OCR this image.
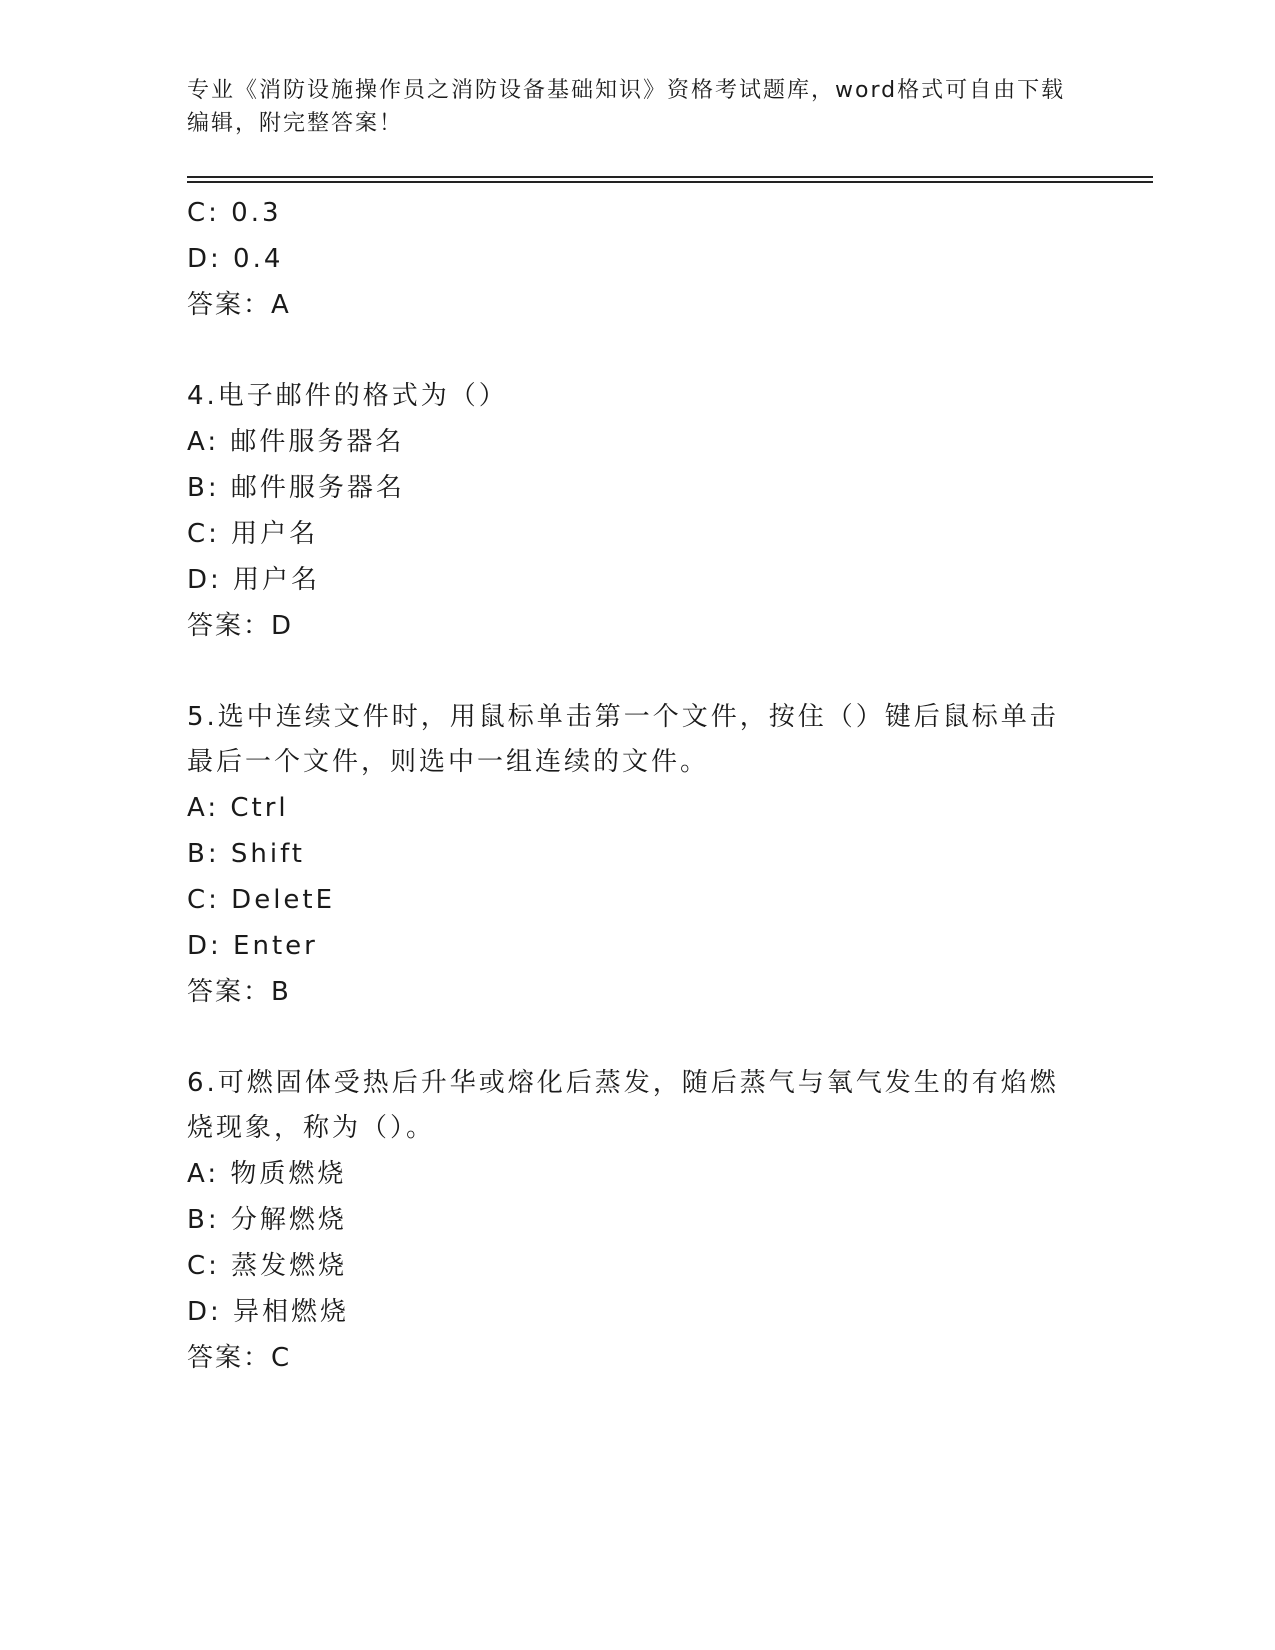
专业《消防设施操作员之消防设备基础知识》资格考试题库，word格式可自由下载编辑，附完整答案！
C: 0.3
D: 0.4
答案：A
4.电子邮件的格式为（）
A: 邮件服务器名
B: 邮件服务器名
C: 用户名
D: 用户名
答案：D
5.选中连续文件时，用鼠标单击第一个文件，按住（）键后鼠标单击最后一个文件，则选中一组连续的文件。
A: Ctrl
B: Shift
C: DeletE
D: Enter
答案：B
6.可燃固体受热后升华或熔化后蒸发，随后蒸气与氧气发生的有焰燃烧现象，称为（）。
A: 物质燃烧
B: 分解燃烧
C: 蒸发燃烧
D: 异相燃烧
答案：C
